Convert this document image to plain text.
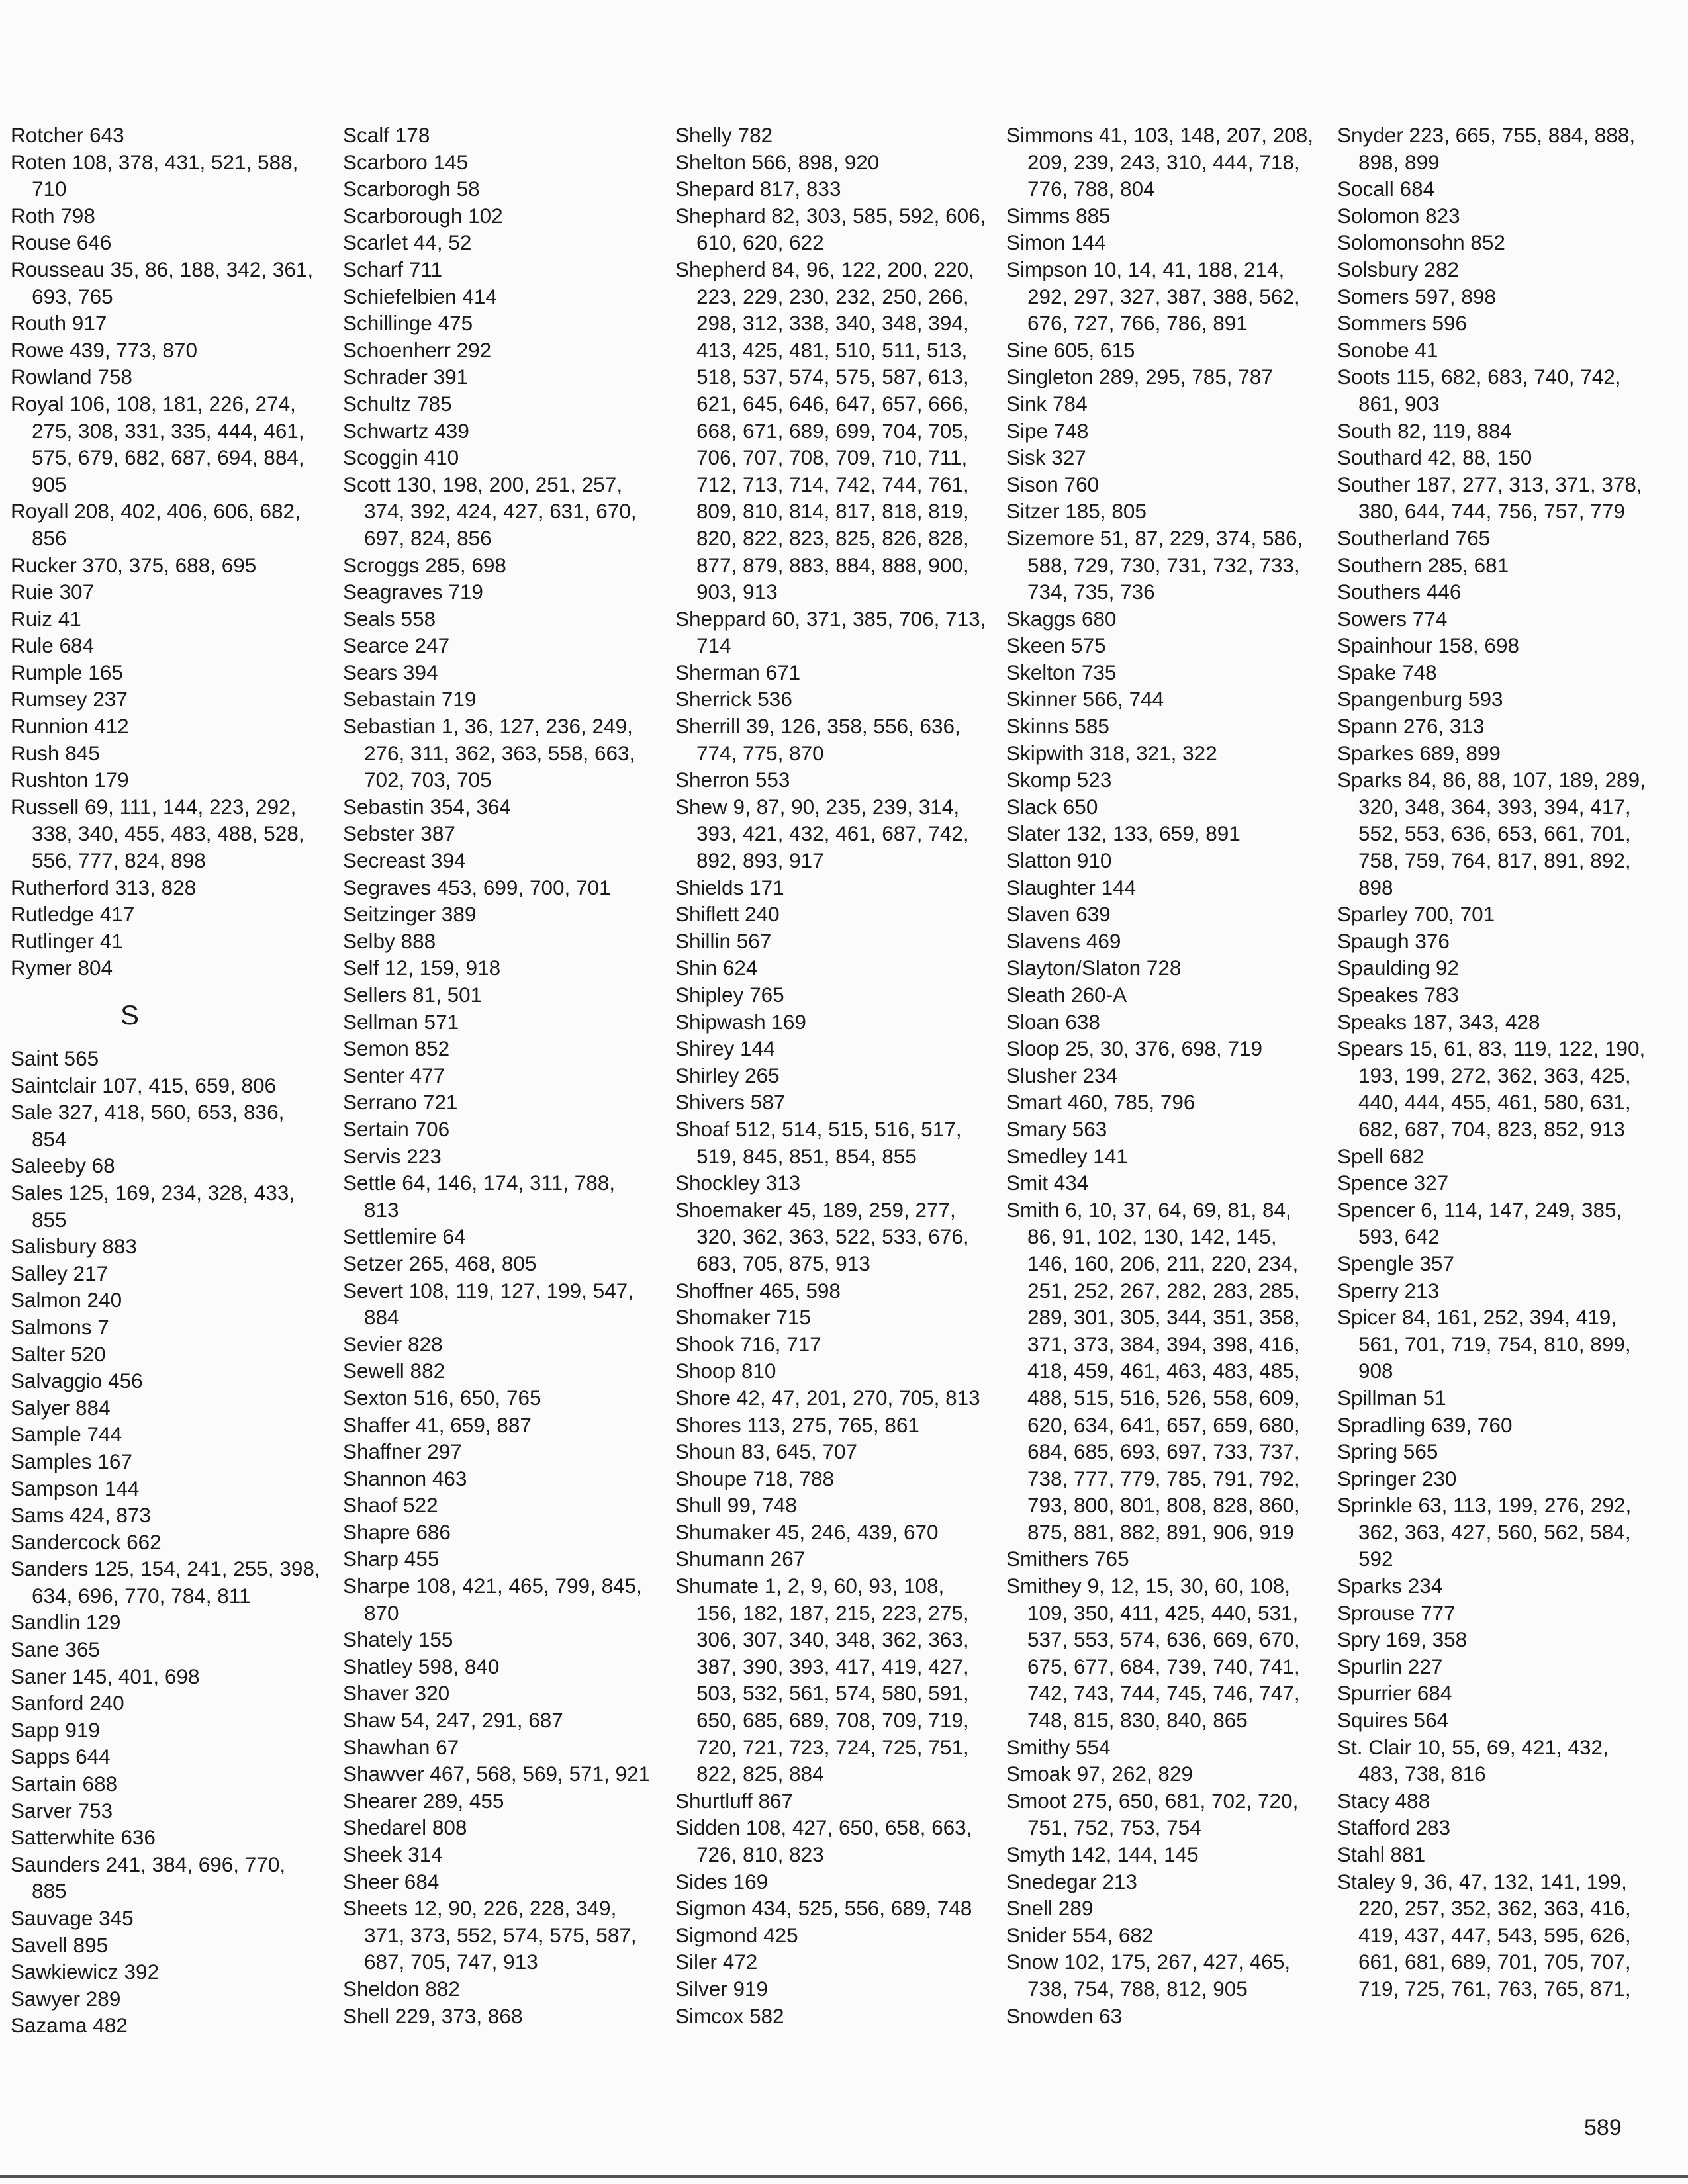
Rotcher 643
Roten 108, 378, 431, 521, 588, 710
Roth 798
Rouse 646
Rousseau 35, 86, 188, 342, 361, 693, 765
Routh 917
Rowe 439, 773, 870
Rowland 758
Royal 106, 108, 181, 226, 274, 275, 308, 331, 335, 444, 461, 575, 679, 682, 687, 694, 884, 905
Royall 208, 402, 406, 606, 682, 856
Rucker 370, 375, 688, 695
Ruie 307
Ruiz 41
Rule 684
Rumple 165
Rumsey 237
Runnion 412
Rush 845
Rushton 179
Russell 69, 111, 144, 223, 292, 338, 340, 455, 483, 488, 528, 556, 777, 824, 898
Rutherford 313, 828
Rutledge 417
Rutlinger 41
Rymer 804
S
Saint 565
Saintclair 107, 415, 659, 806
Sale 327, 418, 560, 653, 836, 854
Saleeby 68
Sales 125, 169, 234, 328, 433, 855
Salisbury 883
Salley 217
Salmon 240
Salmons 7
Salter 520
Salvaggio 456
Salyer 884
Sample 744
Samples 167
Sampson 144
Sams 424, 873
Sandercock 662
Sanders 125, 154, 241, 255, 398, 634, 696, 770, 784, 811
Sandlin 129
Sane 365
Saner 145, 401, 698
Sanford 240
Sapp 919
Sapps 644
Sartain 688
Sarver 753
Satterwhite 636
Saunders 241, 384, 696, 770, 885
Sauvage 345
Savell 895
Sawkiewicz 392
Sawyer 289
Sazama 482
Scalf 178
Scarboro 145
Scarborogh 58
Scarborough 102
Scarlet 44, 52
Scharf 711
Schiefelbien 414
Schillinge 475
Schoenherr 292
Schrader 391
Schultz 785
Schwartz 439
Scoggin 410
Scott 130, 198, 200, 251, 257, 374, 392, 424, 427, 631, 670, 697, 824, 856
Scroggs 285, 698
Seagraves 719
Seals 558
Searce 247
Sears 394
Sebastain 719
Sebastian 1, 36, 127, 236, 249, 276, 311, 362, 363, 558, 663, 702, 703, 705
Sebastin 354, 364
Sebster 387
Secreast 394
Segraves 453, 699, 700, 701
Seitzinger 389
Selby 888
Self 12, 159, 918
Sellers 81, 501
Sellman 571
Semon 852
Senter 477
Serrano 721
Sertain 706
Servis 223
Settle 64, 146, 174, 311, 788, 813
Settlemire 64
Setzer 265, 468, 805
Severt 108, 119, 127, 199, 547, 884
Sevier 828
Sewell 882
Sexton 516, 650, 765
Shaffer 41, 659, 887
Shaffner 297
Shannon 463
Shaof 522
Shapre 686
Sharp 455
Sharpe 108, 421, 465, 799, 845, 870
Shately 155
Shatley 598, 840
Shaver 320
Shaw 54, 247, 291, 687
Shawhan 67
Shawver 467, 568, 569, 571, 921
Shearer 289, 455
Shedarel 808
Sheek 314
Sheer 684
Sheets 12, 90, 226, 228, 349, 371, 373, 552, 574, 575, 587, 687, 705, 747, 913
Sheldon 882
Shell 229, 373, 868
Shelly 782
Shelton 566, 898, 920
Shepard 817, 833
Shephard 82, 303, 585, 592, 606, 610, 620, 622
Shepherd 84, 96, 122, 200, 220, 223, 229, 230, 232, 250, 266, 298, 312, 338, 340, 348, 394, 413, 425, 481, 510, 511, 513, 518, 537, 574, 575, 587, 613, 621, 645, 646, 647, 657, 666, 668, 671, 689, 699, 704, 705, 706, 707, 708, 709, 710, 711, 712, 713, 714, 742, 744, 761, 809, 810, 814, 817, 818, 819, 820, 822, 823, 825, 826, 828, 877, 879, 883, 884, 888, 900, 903, 913
Sheppard 60, 371, 385, 706, 713, 714
Sherman 671
Sherrick 536
Sherrill 39, 126, 358, 556, 636, 774, 775, 870
Sherron 553
Shew 9, 87, 90, 235, 239, 314, 393, 421, 432, 461, 687, 742, 892, 893, 917
Shields 171
Shiflett 240
Shillin 567
Shin 624
Shipley 765
Shipwash 169
Shirey 144
Shirley 265
Shivers 587
Shoaf 512, 514, 515, 516, 517, 519, 845, 851, 854, 855
Shockley 313
Shoemaker 45, 189, 259, 277, 320, 362, 363, 522, 533, 676, 683, 705, 875, 913
Shoffner 465, 598
Shomaker 715
Shook 716, 717
Shoop 810
Shore 42, 47, 201, 270, 705, 813
Shores 113, 275, 765, 861
Shoun 83, 645, 707
Shoupe 718, 788
Shull 99, 748
Shumaker 45, 246, 439, 670
Shumann 267
Shumate 1, 2, 9, 60, 93, 108, 156, 182, 187, 215, 223, 275, 306, 307, 340, 348, 362, 363, 387, 390, 393, 417, 419, 427, 503, 532, 561, 574, 580, 591, 650, 685, 689, 708, 709, 719, 720, 721, 723, 724, 725, 751, 822, 825, 884
Shurtluff 867
Sidden 108, 427, 650, 658, 663, 726, 810, 823
Sides 169
Sigmon 434, 525, 556, 689, 748
Sigmond 425
Siler 472
Silver 919
Simcox 582
Simmons 41, 103, 148, 207, 208, 209, 239, 243, 310, 444, 718, 776, 788, 804
Simms 885
Simon 144
Simpson 10, 14, 41, 188, 214, 292, 297, 327, 387, 388, 562, 676, 727, 766, 786, 891
Sine 605, 615
Singleton 289, 295, 785, 787
Sink 784
Sipe 748
Sisk 327
Sison 760
Sitzer 185, 805
Sizemore 51, 87, 229, 374, 586, 588, 729, 730, 731, 732, 733, 734, 735, 736
Skaggs 680
Skeen 575
Skelton 735
Skinner 566, 744
Skinns 585
Skipwith 318, 321, 322
Skomp 523
Slack 650
Slater 132, 133, 659, 891
Slatton 910
Slaughter 144
Slaven 639
Slavens 469
Slayton/Slaton 728
Sleath 260-A
Sloan 638
Sloop 25, 30, 376, 698, 719
Slusher 234
Smart 460, 785, 796
Smary 563
Smedley 141
Smit 434
Smith 6, 10, 37, 64, 69, 81, 84, 86, 91, 102, 130, 142, 145, 146, 160, 206, 211, 220, 234, 251, 252, 267, 282, 283, 285, 289, 301, 305, 344, 351, 358, 371, 373, 384, 394, 398, 416, 418, 459, 461, 463, 483, 485, 488, 515, 516, 526, 558, 609, 620, 634, 641, 657, 659, 680, 684, 685, 693, 697, 733, 737, 738, 777, 779, 785, 791, 792, 793, 800, 801, 808, 828, 860, 875, 881, 882, 891, 906, 919
Smithers 765
Smithey 9, 12, 15, 30, 60, 108, 109, 350, 411, 425, 440, 531, 537, 553, 574, 636, 669, 670, 675, 677, 684, 739, 740, 741, 742, 743, 744, 745, 746, 747, 748, 815, 830, 840, 865
Smithy 554
Smoak 97, 262, 829
Smoot 275, 650, 681, 702, 720, 751, 752, 753, 754
Smyth 142, 144, 145
Snedegar 213
Snell 289
Snider 554, 682
Snow 102, 175, 267, 427, 465, 738, 754, 788, 812, 905
Snowden 63
Snyder 223, 665, 755, 884, 888, 898, 899
Socall 684
Solomon 823
Solomonsohn 852
Solsbury 282
Somers 597, 898
Sommers 596
Sonobe 41
Soots 115, 682, 683, 740, 742, 861, 903
South 82, 119, 884
Southard 42, 88, 150
Souther 187, 277, 313, 371, 378, 380, 644, 744, 756, 757, 779
Southerland 765
Southern 285, 681
Southers 446
Sowers 774
Spainhour 158, 698
Spake 748
Spangenburg 593
Spann 276, 313
Sparkes 689, 899
Sparks 84, 86, 88, 107, 189, 289, 320, 348, 364, 393, 394, 417, 552, 553, 636, 653, 661, 701, 758, 759, 764, 817, 891, 892, 898
Sparley 700, 701
Spaugh 376
Spaulding 92
Speakes 783
Speaks 187, 343, 428
Spears 15, 61, 83, 119, 122, 190, 193, 199, 272, 362, 363, 425, 440, 444, 455, 461, 580, 631, 682, 687, 704, 823, 852, 913
Spell 682
Spence 327
Spencer 6, 114, 147, 249, 385, 593, 642
Spengle 357
Sperry 213
Spicer 84, 161, 252, 394, 419, 561, 701, 719, 754, 810, 899, 908
Spillman 51
Spradling 639, 760
Spring 565
Springer 230
Sprinkle 63, 113, 199, 276, 292, 362, 363, 427, 560, 562, 584, 592
Sparks 234
Sprouse 777
Spry 169, 358
Spurlin 227
Spurrier 684
Squires 564
St. Clair 10, 55, 69, 421, 432, 483, 738, 816
Stacy 488
Stafford 283
Stahl 881
Staley 9, 36, 47, 132, 141, 199, 220, 257, 352, 362, 363, 416, 419, 437, 447, 543, 595, 626, 661, 681, 689, 701, 705, 707, 719, 725, 761, 763, 765, 871,
589
